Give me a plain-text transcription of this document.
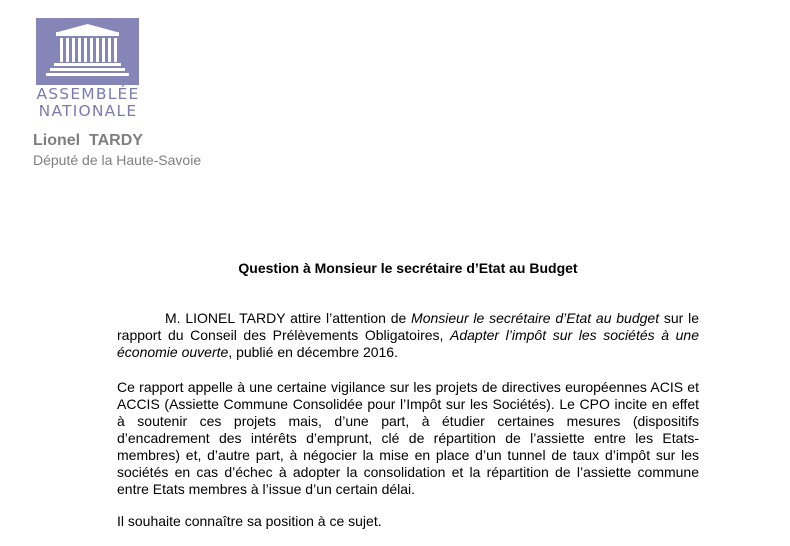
ASSEMBLÉE
NATIONALE
Lionel  TARDY
Député de la Haute-Savoie
Question à Monsieur le secrétaire d’Etat au Budget

M. LIONEL TARDY attire l’attention de Monsieur le secrétaire d’Etat au budget sur le rapport du Conseil des Prélèvements Obligatoires, Adapter l’impôt sur les sociétés à une économie ouverte, publié en décembre 2016.

Ce rapport appelle à une certaine vigilance sur les projets de directives européennes ACIS et ACCIS (Assiette Commune Consolidée pour l’Impôt sur les Sociétés). Le CPO incite en effet à soutenir ces projets mais, d’une part, à étudier certaines mesures (dispositifs d’encadrement des intérêts d’emprunt, clé de répartition de l’assiette entre les Etats-membres) et, d’autre part, à négocier la mise en place d’un tunnel de taux d’impôt sur les sociétés en cas d’échec à adopter la consolidation et la répartition de l’assiette commune entre Etats membres à l’issue d’un certain délai.

Il souhaite connaître sa position à ce sujet.
